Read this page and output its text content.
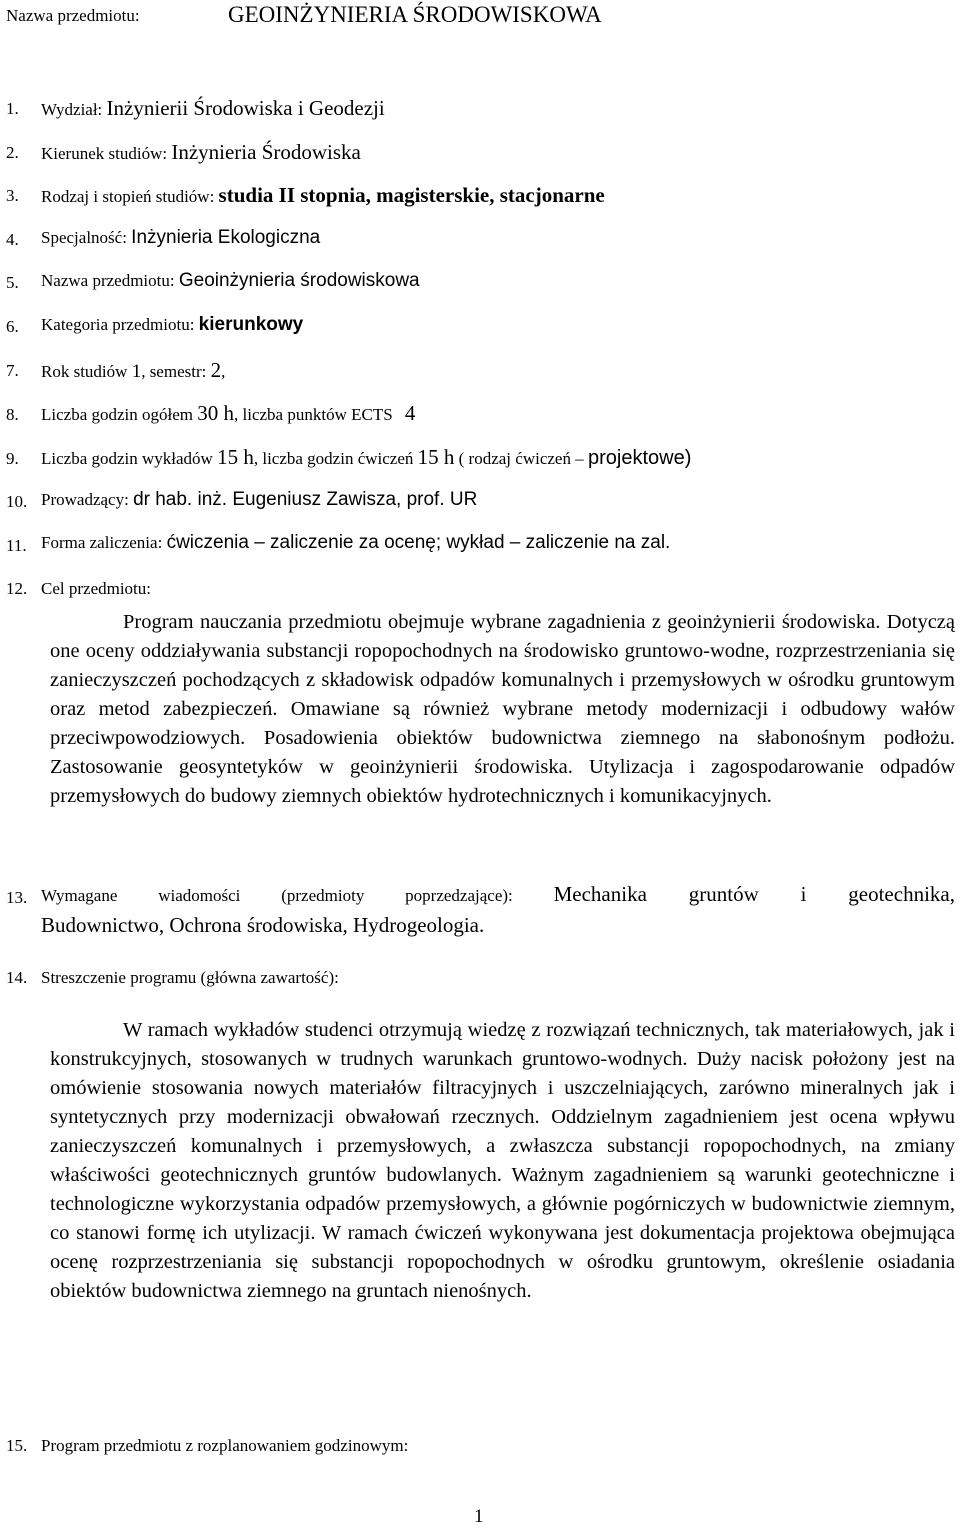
Nazwa przedmiotu:	GEOINŻYNIERIA ŚRODOWISKOWA
1. Wydział: Inżynierii Środowiska i Geodezji
2. Kierunek studiów: Inżynieria Środowiska
3. Rodzaj i stopień studiów: studia II stopnia, magisterskie, stacjonarne
4. Specjalność: Inżynieria Ekologiczna
5. Nazwa przedmiotu: Geoinżynieria środowiskowa
6. Kategoria przedmiotu: kierunkowy
7. Rok studiów 1, semestr: 2,
8. Liczba godzin ogółem 30 h, liczba punktów ECTS 4
9. Liczba godzin wykładów 15 h, liczba godzin ćwiczeń 15 h ( rodzaj ćwiczeń – projektowe)
10. Prowadzący: dr hab. inż. Eugeniusz Zawisza, prof. UR
11. Forma zaliczenia: ćwiczenia – zaliczenie za ocenę; wykład – zaliczenie na zal.
12. Cel przedmiotu:
Program nauczania przedmiotu obejmuje wybrane zagadnienia z geoinżynierii środowiska. Dotyczą one oceny oddziaływania substancji ropopochodnych na środowisko gruntowo-wodne, rozprzestrzeniania się zanieczyszczeń pochodzących z składowisk odpadów komunalnych i przemysłowych w ośrodku gruntowym oraz metod zabezpieczeń. Omawiane są również wybrane metody modernizacji i odbudowy wałów przeciwpowodziowych. Posadowienia obiektów budownictwa ziemnego na słabonośnym podłożu. Zastosowanie geosyntetyków w geoinżynierii środowiska. Utylizacja i zagospodarowanie odpadów przemysłowych do budowy ziemnych obiektów hydrotechnicznych i komunikacyjnych.
13. Wymagane wiadomości (przedmioty poprzedzające): Mechanika gruntów i geotechnika,
Budownictwo, Ochrona środowiska, Hydrogeologia.
14. Streszczenie programu (główna zawartość):
W ramach wykładów studenci otrzymują wiedzę z rozwiązań technicznych, tak materiałowych, jak i konstrukcyjnych, stosowanych w trudnych warunkach gruntowo-wodnych. Duży nacisk położony jest na omówienie stosowania nowych materiałów filtracyjnych i uszczelniających, zarówno mineralnych jak i syntetycznych przy modernizacji obwałowań rzecznych. Oddzielnym zagadnieniem jest ocena wpływu zanieczyszczeń komunalnych i przemysłowych, a zwłaszcza substancji ropopochodnych, na zmiany właściwości geotechnicznych gruntów budowlanych. Ważnym zagadnieniem są warunki geotechniczne i technologiczne wykorzystania odpadów przemysłowych, a głównie pogórniczych w budownictwie ziemnym, co stanowi formę ich utylizacji. W ramach ćwiczeń wykonywana jest dokumentacja projektowa obejmująca ocenę rozprzestrzeniania się substancji ropopochodnych w ośrodku gruntowym, określenie osiadania obiektów budownictwa ziemnego na gruntach nienośnych.
15. Program przedmiotu z rozplanowaniem godzinowym:
1
